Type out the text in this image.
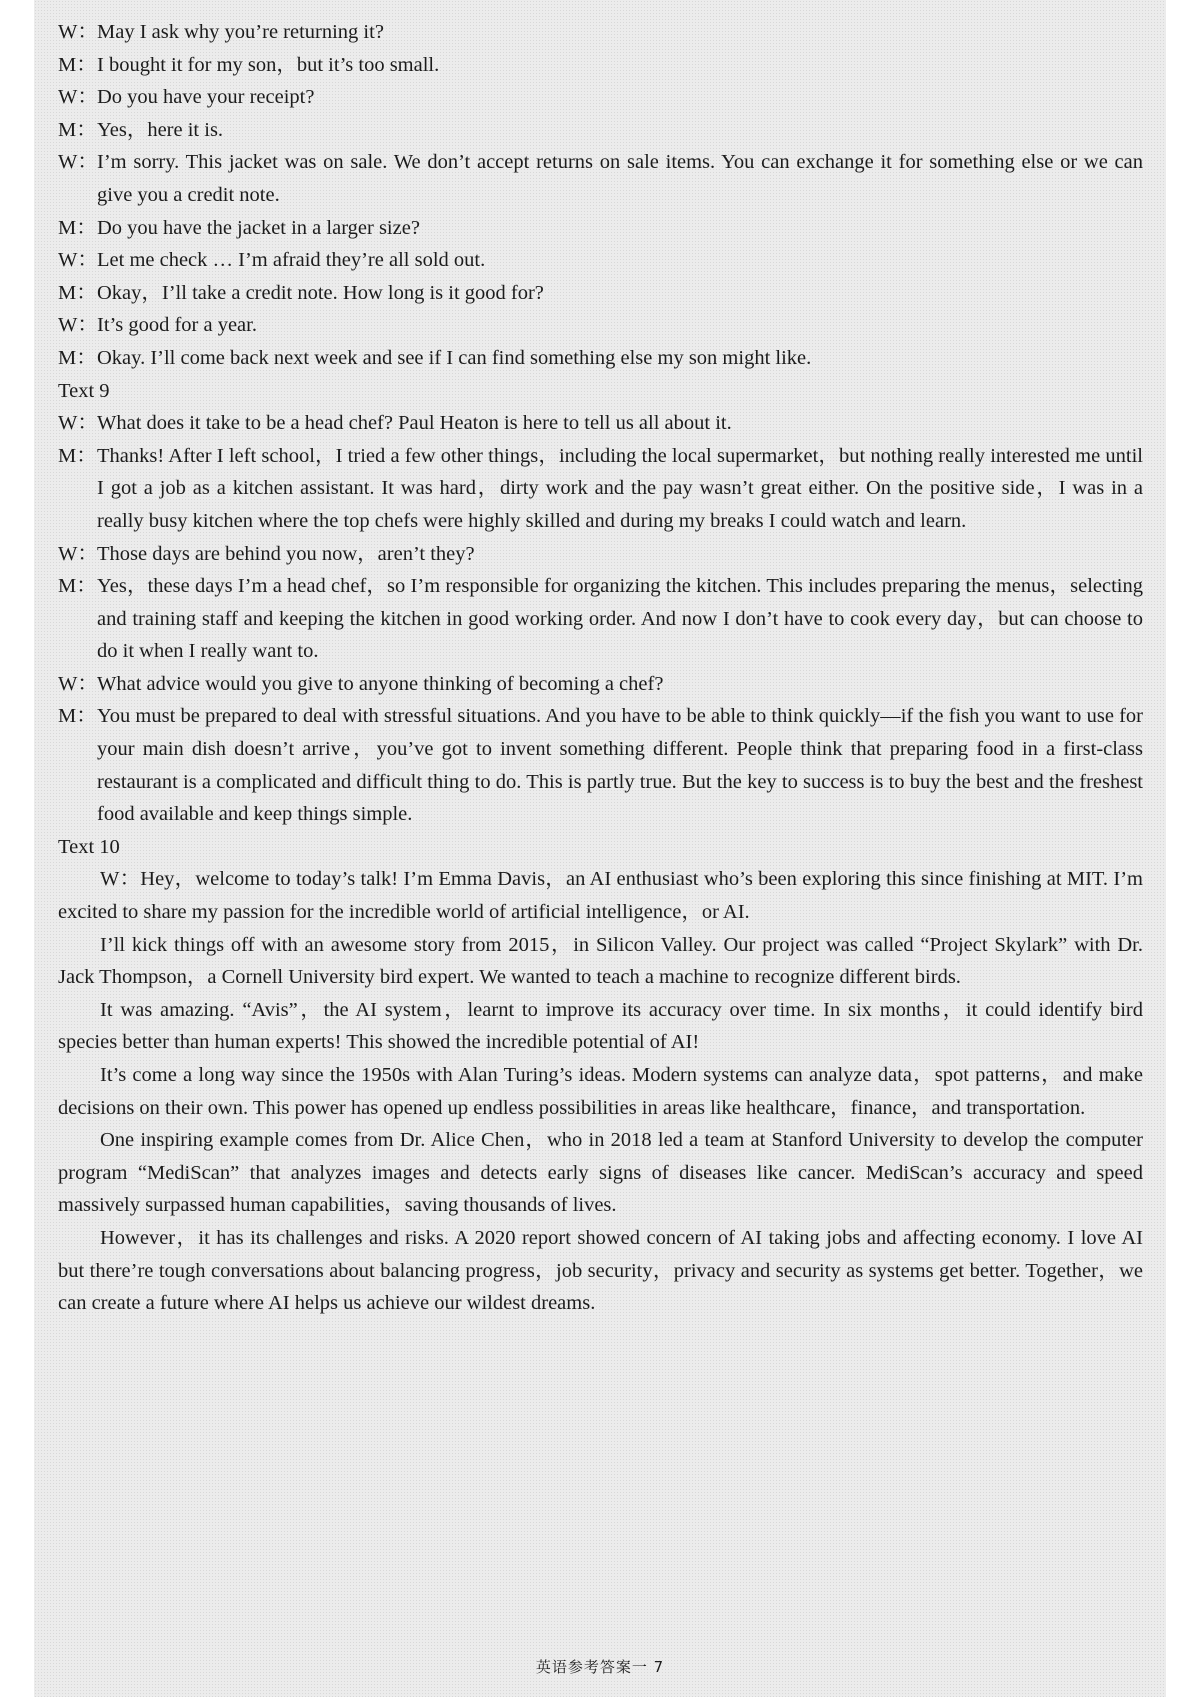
W： May I ask why you’re returning it?
M： I bought it for my son，but it’s too small.
W： Do you have your receipt?
M： Yes，here it is.
W： I’m sorry. This jacket was on sale. We don’t accept returns on sale items. You can exchange it for something else or we can give you a credit note.
M： Do you have the jacket in a larger size?
W： Let me check … I’m afraid they’re all sold out.
M： Okay，I’ll take a credit note. How long is it good for?
W： It’s good for a year.
M： Okay. I’ll come back next week and see if I can find something else my son might like.
Text 9
W： What does it take to be a head chef? Paul Heaton is here to tell us all about it.
M： Thanks! After I left school，I tried a few other things，including the local supermarket，but nothing really interested me until I got a job as a kitchen assistant. It was hard，dirty work and the pay wasn’t great either. On the positive side，I was in a really busy kitchen where the top chefs were highly skilled and during my breaks I could watch and learn.
W： Those days are behind you now，aren’t they?
M： Yes，these days I’m a head chef，so I’m responsible for organizing the kitchen. This includes preparing the menus，selecting and training staff and keeping the kitchen in good working order. And now I don’t have to cook every day，but can choose to do it when I really want to.
W： What advice would you give to anyone thinking of becoming a chef?
M： You must be prepared to deal with stressful situations. And you have to be able to think quickly—if the fish you want to use for your main dish doesn’t arrive，you’ve got to invent something different. People think that preparing food in a first-class restaurant is a complicated and difficult thing to do. This is partly true. But the key to success is to buy the best and the freshest food available and keep things simple.
Text 10

W：Hey，welcome to today’s talk! I’m Emma Davis，an AI enthusiast who’s been exploring this since finishing at MIT. I’m excited to share my passion for the incredible world of artificial intelligence，or AI.

I’ll kick things off with an awesome story from 2015，in Silicon Valley. Our project was called “Project Skylark” with Dr. Jack Thompson，a Cornell University bird expert. We wanted to teach a machine to recognize different birds.

It was amazing. “Avis”，the AI system，learnt to improve its accuracy over time. In six months，it could identify bird species better than human experts! This showed the incredible potential of AI!

It’s come a long way since the 1950s with Alan Turing’s ideas. Modern systems can analyze data，spot patterns，and make decisions on their own. This power has opened up endless possibilities in areas like healthcare，finance，and transportation.

One inspiring example comes from Dr. Alice Chen，who in 2018 led a team at Stanford University to develop the computer program “MediScan” that analyzes images and detects early signs of diseases like cancer. MediScan’s accuracy and speed massively surpassed human capabilities，saving thousands of lives.

However，it has its challenges and risks. A 2020 report showed concern of AI taking jobs and affecting economy. I love AI but there’re tough conversations about balancing progress，job security，privacy and security as systems get better. Together，we can create a future where AI helps us achieve our wildest dreams.

英语参考答案一 7
